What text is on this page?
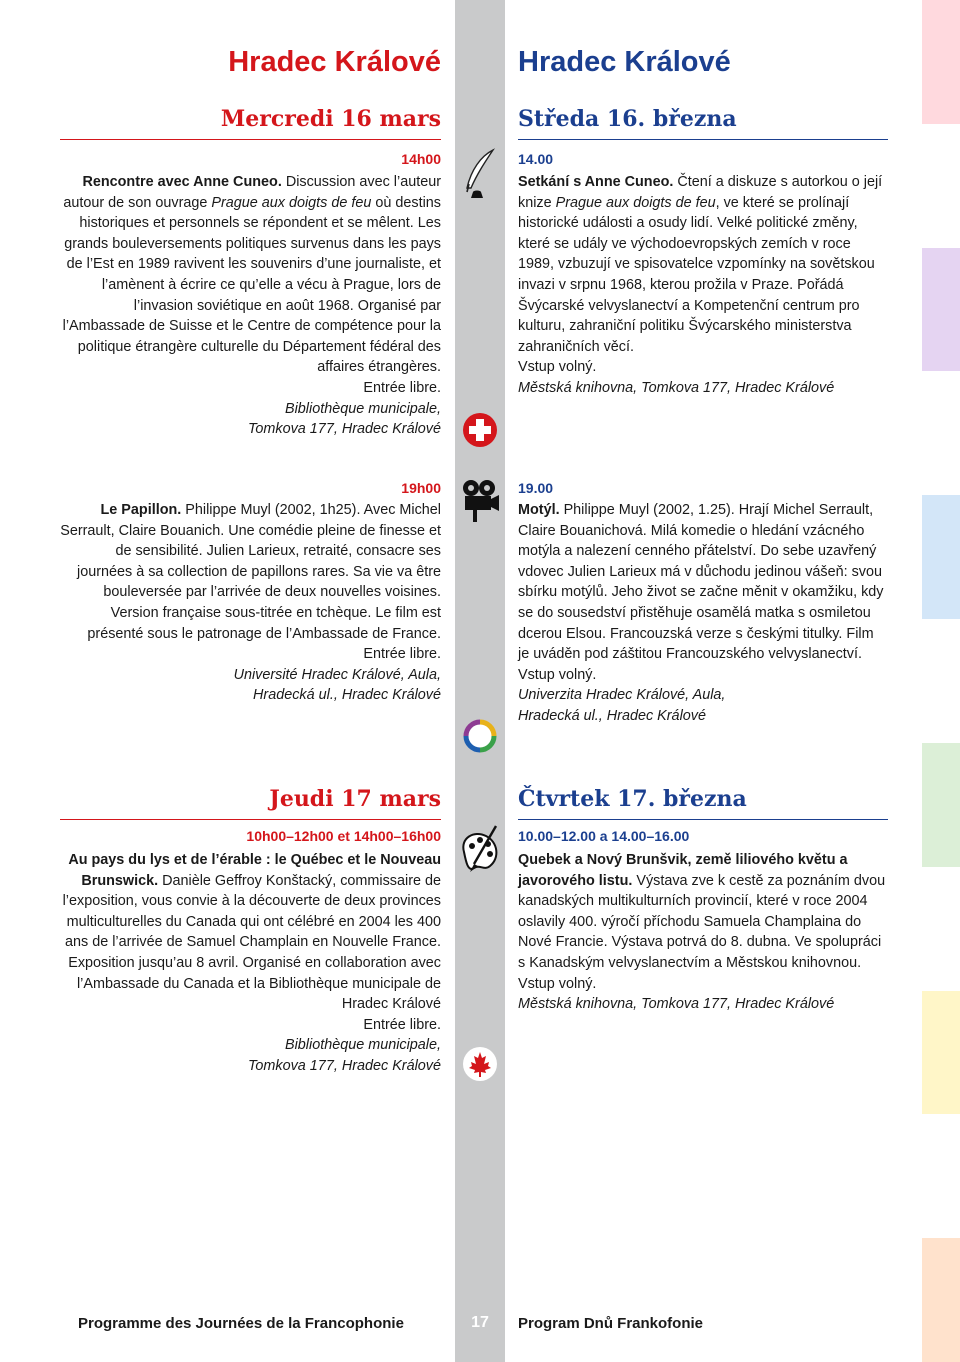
Hradec Králové
Mercredi 16 mars
14h00
Rencontre avec Anne Cuneo. Discussion avec l’auteur autour de son ouvrage Prague aux doigts de feu où destins historiques et personnels se répondent et se mêlent. Les grands bouleversements politiques survenus dans les pays de l’Est en 1989 ravivent les souvenirs d’une journaliste, et l’amènent à écrire ce qu’elle a vécu à Prague, lors de l’invasion soviétique en août 1968. Organisé par l’Ambassade de Suisse et le Centre de compétence pour la politique étrangère culturelle du Département fédéral des affaires étrangères.
Entrée libre.
Bibliothèque municipale,
Tomkova 177, Hradec Králové
19h00
Le Papillon. Philippe Muyl (2002, 1h25). Avec Michel Serrault, Claire Bouanich. Une comédie pleine de finesse et de sensibilité. Julien Larieux, retraité, consacre ses journées à sa collection de papillons rares. Sa vie va être bouleversée par l’arrivée de deux nouvelles voisines. Version française sous-titrée en tchèque. Le film est présenté sous le patronage de l’Ambassade de France.
Entrée libre.
Université Hradec Králové, Aula,
Hradecká ul., Hradec Králové
Jeudi 17 mars
10h00–12h00 et 14h00–16h00
Au pays du lys et de l’érable : le Québec et le Nouveau Brunswick. Danièle Geffroy Konštacký, commissaire de l’exposition, vous convie à la découverte de deux provinces multiculturelles du Canada qui ont célébré en 2004 les 400 ans de l’arrivée de Samuel Champlain en Nouvelle France. Exposition jusqu’au 8 avril. Organisé en collaboration avec l’Ambassade du Canada et la Bibliothèque municipale de Hradec Králové
Entrée libre.
Bibliothèque municipale,
Tomkova 177, Hradec Králové
Hradec Králové
Středa 16. března
14.00
Setkání s Anne Cuneo. Čtení a diskuze s autorkou o její knize Prague aux doigts de feu, ve které se prolínají historické události a osudy lidí. Velké politické změny, které se udály ve východoevropských zemích v roce 1989, vzbuzují ve spisovatelce vzpomínky na sovětskou invazi v srpnu 1968, kterou prožila v Praze. Pořádá Švýcarské velvyslanectví a Kompetenční centrum pro kulturu, zahraniční politiku Švýcarského ministerstva zahraničních věcí.
Vstup volný.
Městská knihovna, Tomkova 177, Hradec Králové
19.00
Motýl. Philippe Muyl (2002, 1.25). Hrají Michel Serrault, Claire Bouanichová. Milá komedie o hledání vzácného motýla a nalezení cenného přátelství. Do sebe uzavřený vdovec Julien Larieux má v důchodu jedinou vášeň: svou sbírku motýlů. Jeho život se začne měnit v okamžiku, kdy se do sousedství přistěhuje osamělá matka s osmiletou dcerou Elsou. Francouzská verze s českými titulky. Film je uváděn pod záštitou Francouzského velvyslanectví.
Vstup volný.
Univerzita Hradec Králové, Aula,
Hradecká ul., Hradec Králové
Čtvrtek 17. března
10.00–12.00 a 14.00–16.00
Quebek a Nový Brunšvik, země liliového květu a javorového listu. Výstava zve k cestě za poznáním dvou kanadských multikulturních provincií, které v roce 2004 oslavily 400. výročí příchodu Samuela Champlaina do Nové Francie. Výstava potrvá do 8. dubna. Ve spolupráci s Kanadským velvyslanectvím a Městskou knihovnou.
Vstup volný.
Městská knihovna, Tomkova 177, Hradec Králové
Programme des Journées de la Francophonie	17	Program Dnů Frankofonie
